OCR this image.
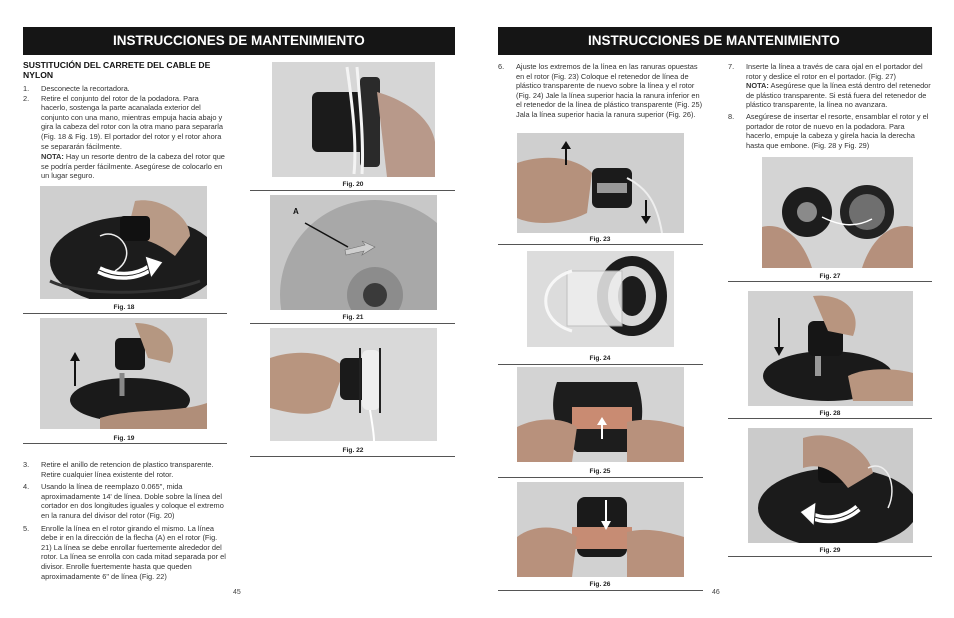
INSTRUCCIONES DE MANTENIMIENTO
SUSTITUCIÓN DEL CARRETE DEL CABLE DE NYLON
1.	Desconecte la recortadora.
2.	Retire el conjunto del rotor de la podadora. Para hacerlo, sostenga la parte acanalada exterior del conjunto con una mano, mientras empuja hacia abajo y gira la cabeza del rotor con la otra mano para separarla (Fig. 18 & Fig. 19). El portador del rotor y el rotor ahora se separarán fácilmente.
NOTA: Hay un resorte dentro de la cabeza del rotor que se podría perder fácilmente. Asegúrese de colocarlo en un lugar seguro.
Fig. 18
Fig. 19
3.	Retire el anillo de retencion de plastico transparente. Retire cualquier línea existente del rotor.
4.	Usando la línea de reemplazo 0.065", mida aproximadamente 14' de línea. Doble sobre la línea del cortador en dos longitudes iguales y coloque el extremo en la ranura del divisor del rotor (Fig. 20)
5.	Enrolle la línea en el rotor girando el mismo. La línea debe ir en la dirección de la flecha (A) en el rotor (Fig. 21) La línea se debe enrollar fuertemente alrededor del rotor. La línea se enrolla con cada mitad separada por el divisor. Enrolle fuertemente hasta que queden aproximadamente 6" de línea (Fig. 22)
Fig. 20
A
Fig. 21
Fig. 22
45
INSTRUCCIONES DE MANTENIMIENTO
6.	Ajuste los extremos de la línea en las ranuras opuestas en el rotor (Fig. 23) Coloque el retenedor de línea de plástico transparente de nuevo sobre la línea y el rotor (Fig. 24) Jale la línea superior hacia la ranura inferior en el retenedor de la línea de plástico transparente (Fig. 25) Jala la línea superior hacia la ranura superior (Fig. 26).
Fig. 23
Fig. 24
Fig. 25
Fig. 26
7.	Inserte la línea a través de cara ojal en el portador del rotor y deslice el rotor en el portador. (Fig. 27)
NOTA: Asegúrese que la línea está dentro del retenedor de plástico transparente. Si está fuera del retenedor de plástico transparente, la línea no avanzara.
8.	Asegúrese de insertar el resorte, ensamblar el rotor y el portador de rotor de nuevo en la podadora. Para hacerlo, empuje la cabeza y gírela hacia la derecha hasta que embone. (Fig. 28 y Fig. 29)
Fig. 27
Fig. 28
Fig. 29
46
